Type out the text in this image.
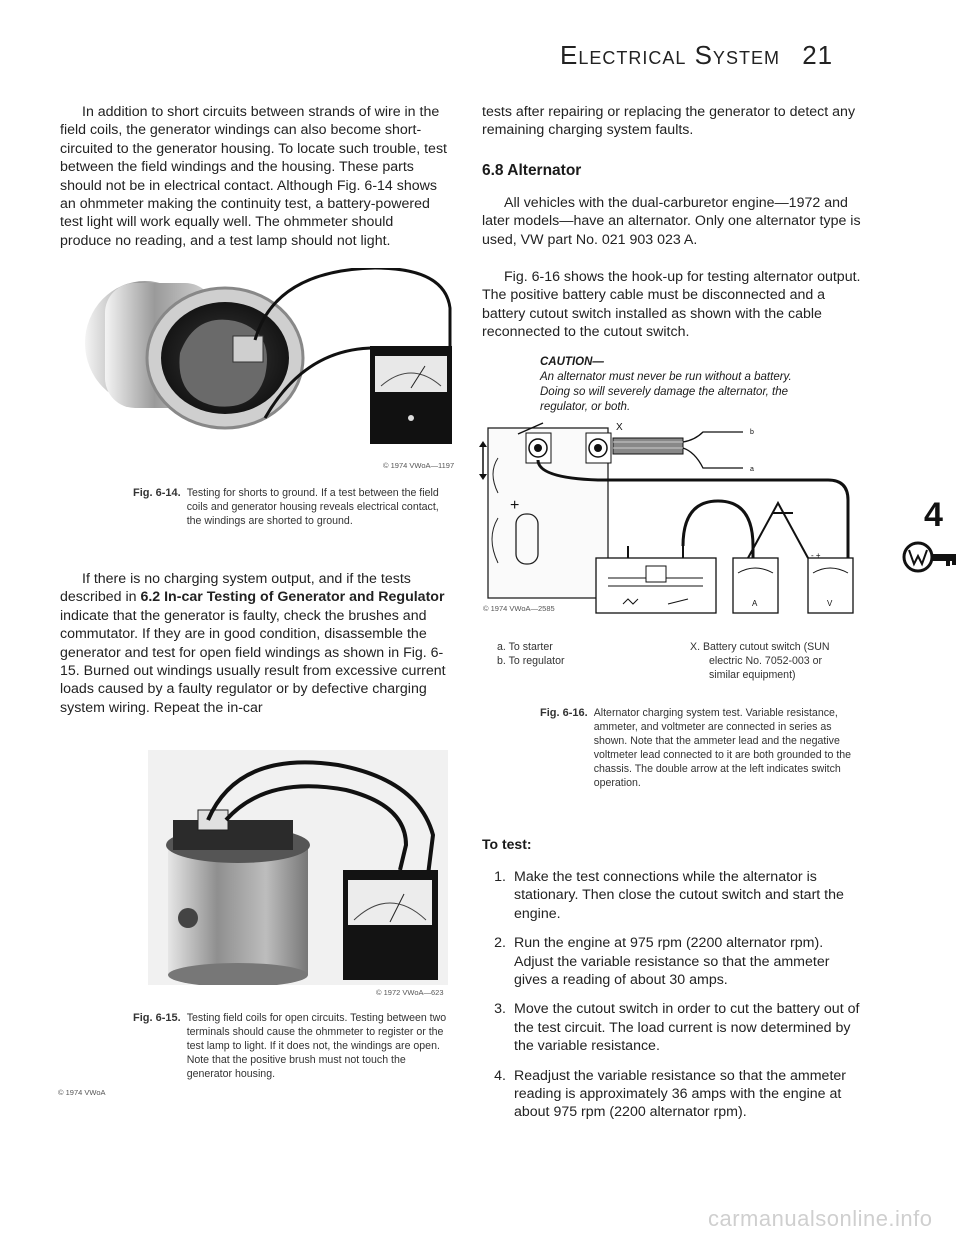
Electrical System 21

In addition to short circuits between strands of wire in the field coils, the generator windings can also become short-circuited to the generator housing. To locate such trouble, test between the field windings and the housing. These parts should not be in electrical contact. Although Fig. 6-14 shows an ohmmeter making the continuity test, a battery-powered test light will work equally well. The ohmmeter should produce no reading, and a test lamp should not light.

© 1974 VWoA—1197
Fig. 6-14. Testing for shorts to ground. If a test between the field coils and generator housing reveals electrical contact, the windings are shorted to ground.

If there is no charging system output, and if the tests described in 6.2 In-car Testing of Generator and Regulator indicate that the generator is faulty, check the brushes and commutator. If they are in good condition, disassemble the generator and test for open field windings as shown in Fig. 6-15. Burned out windings usually result from excessive current loads caused by a faulty regulator or by defective charging system wiring. Repeat the in-car

© 1972 VWoA—623
Fig. 6-15. Testing field coils for open circuits. Testing between two terminals should cause the ohmmeter to register or the test lamp to light. If it does not, the windings are open. Note that the positive brush must not touch the generator housing.
© 1974 VWoA

tests after repairing or replacing the generator to detect any remaining charging system faults.

6.8 Alternator

All vehicles with the dual-carburetor engine—1972 and later models—have an alternator. Only one alternator type is used, VW part No. 021 903 023 A.

Fig. 6-16 shows the hook-up for testing alternator output. The positive battery cable must be disconnected and a battery cutout switch installed as shown with the cable reconnected to the cutout switch.

CAUTION—
An alternator must never be run without a battery. Doing so will severely damage the alternator, the regulator, or both.
+
X	b
a
A
- +
V
© 1974 VWoA—2585
a. To starter
b. To regulator
X. Battery cutout switch (SUN
electric No. 7052-003 or
similar equipment)
Fig. 6-16. Alternator charging system test. Variable resistance, ammeter, and voltmeter are connected in series as shown. Note that the ammeter lead and the negative voltmeter lead connected to it are both grounded to the chassis. The double arrow at the left indicates switch operation.
To test:
1. Make the test connections while the alternator is stationary. Then close the cutout switch and start the engine.
2. Run the engine at 975 rpm (2200 alternator rpm). Adjust the variable resistance so that the ammeter gives a reading of about 30 amps.
3. Move the cutout switch in order to cut the battery out of the test circuit. The load current is now determined by the variable resistance.
4. Readjust the variable resistance so that the ammeter reading is approximately 36 amps with the engine at about 975 rpm (2200 alternator rpm).
4
carmanualsonline.info
